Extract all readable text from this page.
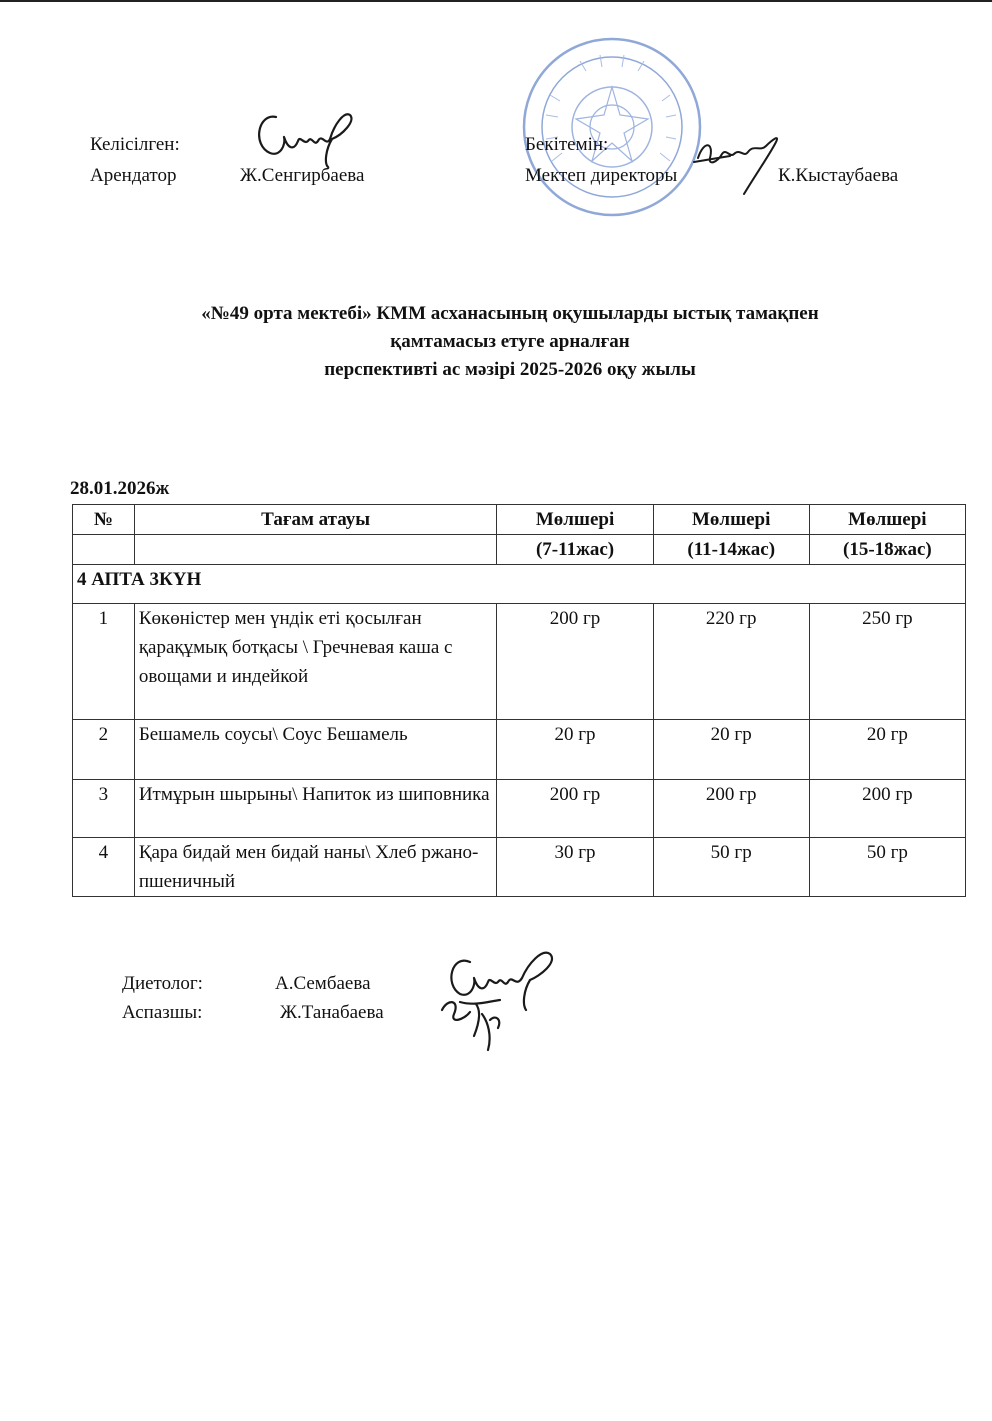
Келісілген:
Арендатор	Ж.Сенгирбаева
Бекітемін:
Мектеп директоры	К.Кыстаубаева
«№49 орта мектебі» КММ асханасының оқушыларды ыстық тамақпен
қамтамасыз етуге арналған
перспективті ас мәзірі 2025-2026 оқу жылы
28.01.2026ж
№	Тағам атауы	Мөлшері	Мөлшері	Мөлшері
		(7-11жас)	(11-14жас)	(15-18жас)
4 АПТА 3КҮН				
1	Көкөністер мен үндік еті қосылған қарақұмық ботқасы \ Гречневая каша с овощами и индейкой	200 гр	220 гр	250 гр
2	Бешамель соусы\ Соус Бешамель	20 гр	20 гр	20 гр
3	Итмұрын шырыны\ Напиток из шиповника	200 гр	200 гр	200 гр
4	Қара бидай мен бидай наны\ Хлеб ржано-пшеничный	30 гр	50 гр	50 гр
Диетолог:	А.Сембаева
Аспазшы:	Ж.Танабаева
